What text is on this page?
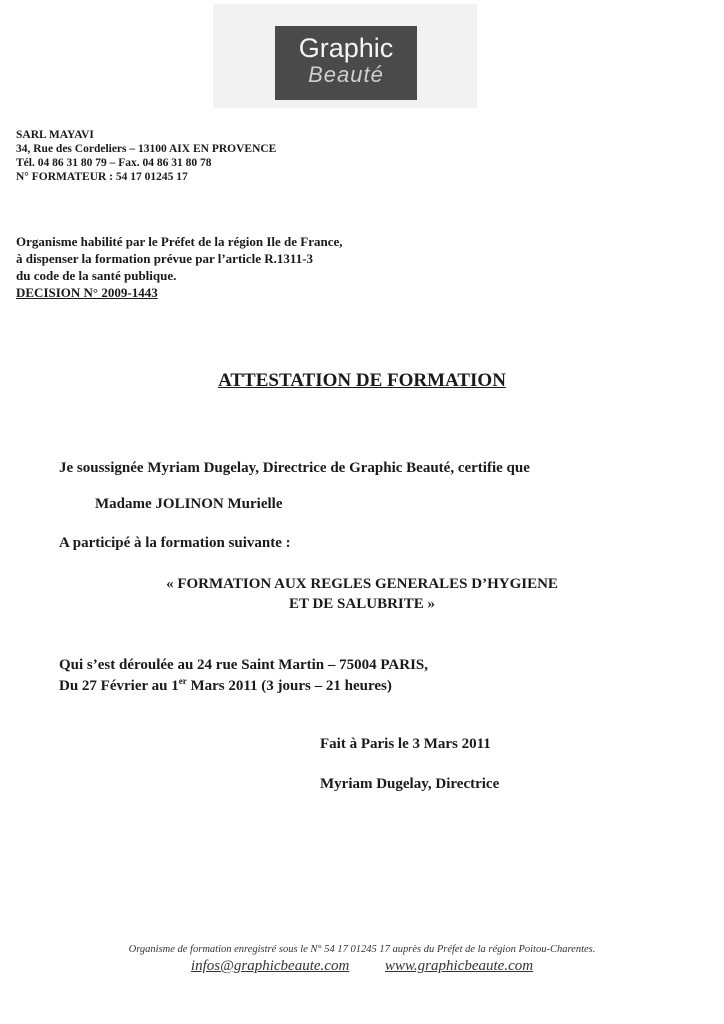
Graphic
Beauté
SARL MAYAVI
34, Rue des Cordeliers – 13100 AIX EN PROVENCE
Tél. 04 86 31 80 79 – Fax. 04 86 31 80 78
N° FORMATEUR : 54 17 01245 17
Organisme habilité par le Préfet de la région Ile de France,
à dispenser la formation prévue par l’article R.1311-3
du code de la santé publique.
DECISION N° 2009-1443
ATTESTATION DE FORMATION
Je soussignée Myriam Dugelay, Directrice de Graphic Beauté, certifie que
Madame JOLINON Murielle
A participé à la formation suivante :
« FORMATION AUX REGLES GENERALES D’HYGIENE
ET DE SALUBRITE »
Qui s’est déroulée au 24 rue Saint Martin – 75004 PARIS,
Du 27 Février au 1er Mars 2011 (3 jours – 21 heures)
Fait à Paris le 3 Mars 2011
Myriam Dugelay, Directrice
Organisme de formation enregistré sous le N° 54 17 01245 17 auprès du Préfet de la région Poitou-Charentes.
infos@graphicbeaute.com www.graphicbeaute.com
